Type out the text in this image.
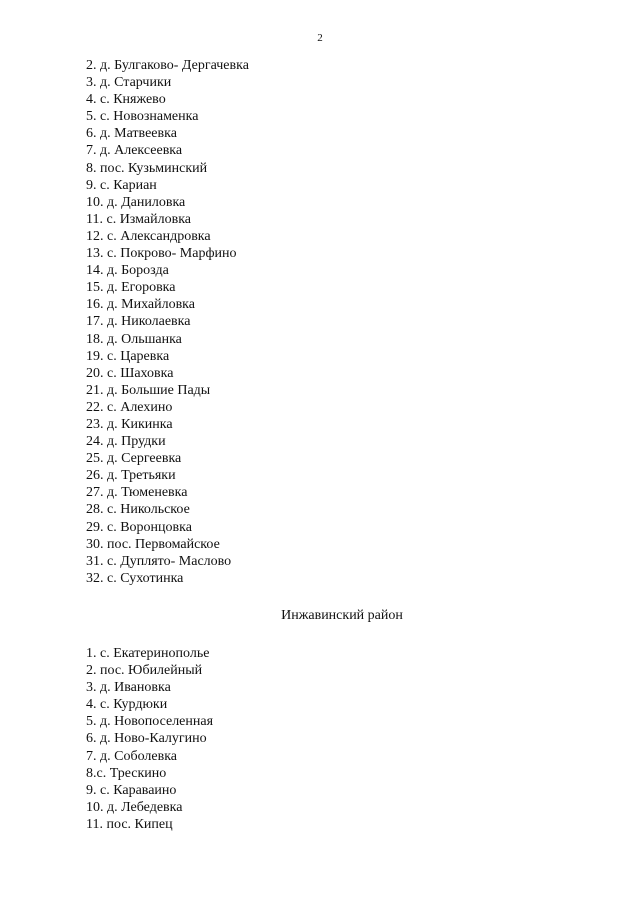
2
2. д. Булгаково- Дергачевка
3. д. Старчики
4. с. Княжево
5. с. Новознаменка
6. д. Матвеевка
7. д. Алексеевка
8. пос. Кузьминский
9. с. Кариан
10. д. Даниловка
11. с. Измайловка
12. с. Александровка
13. с. Покрово- Марфино
14. д. Борозда
15. д. Егоровка
16. д. Михайловка
17. д. Николаевка
18. д. Ольшанка
19. с. Царевка
20. с. Шаховка
21. д. Большие Пады
22. с. Алехино
23. д. Кикинка
24. д. Прудки
25. д. Сергеевка
26. д. Третьяки
27. д. Тюменевка
28. с. Никольское
29. с. Воронцовка
30. пос. Первомайское
31. с. Дуплято- Маслово
32. с. Сухотинка
Инжавинский район
1. с. Екатеринополье
2. пос. Юбилейный
3. д. Ивановка
4. с. Курдюки
5. д. Новопоселенная
6. д. Ново-Калугино
7. д. Соболевка
8.с. Трескино
9. с. Караваино
10. д. Лебедевка
11. пос. Кипец
